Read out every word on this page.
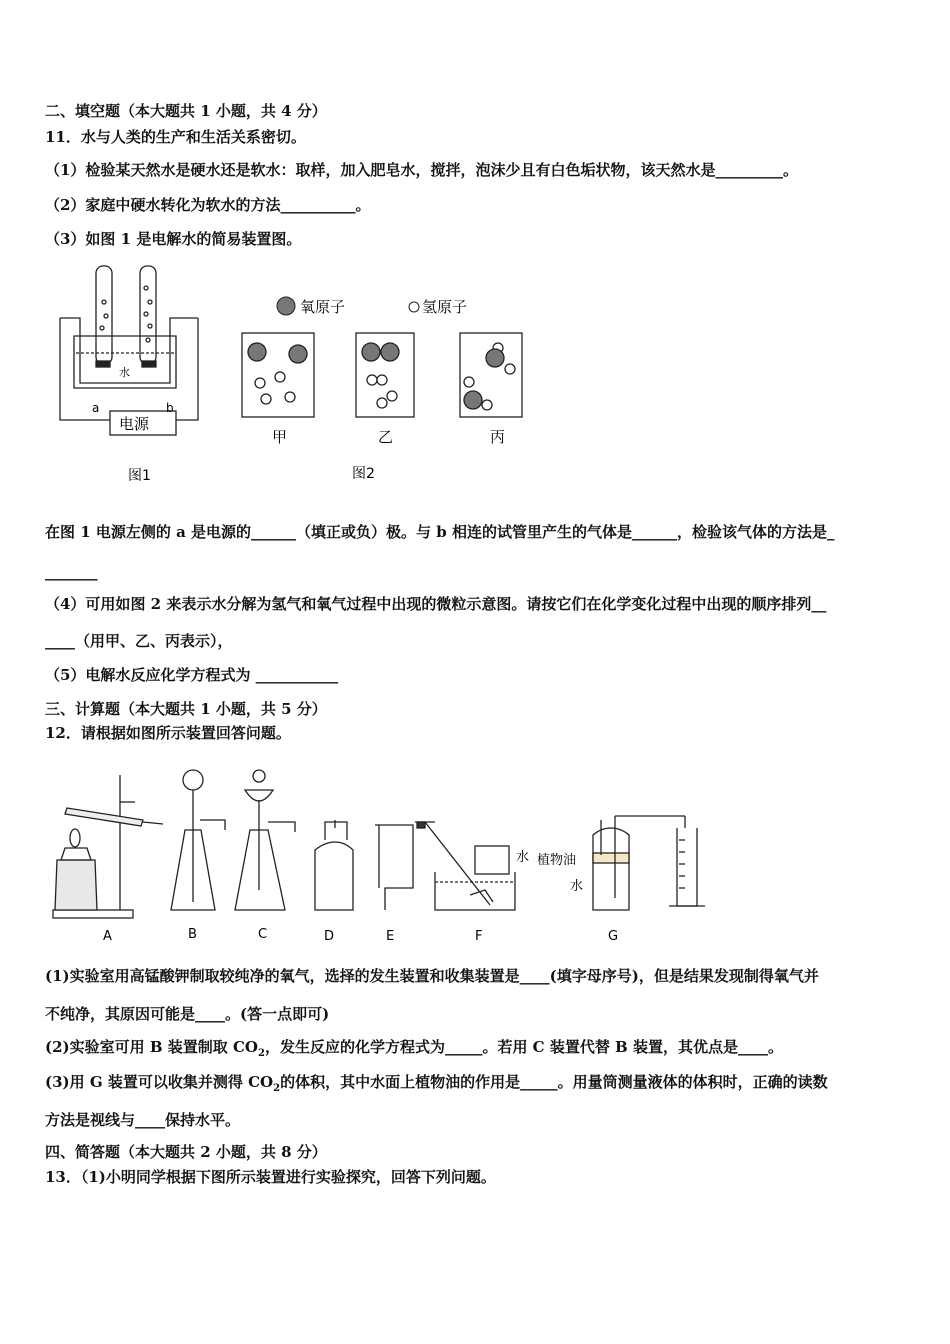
二、填空题（本大题共 1 小题，共 4 分）
11．水与人类的生产和生活关系密切。
（1）检验某天然水是硬水还是软水：取样，加入肥皂水，搅拌，泡沫少且有白色垢状物，该天然水是_________。
（2）家庭中硬水转化为软水的方法__________。
（3）如图 1 是电解水的简易装置图。
a	b
水
电源
图1
氧原子	氢原子
甲	乙	丙
图2
在图 1 电源左侧的 a 是电源的______（填正或负）极。与 b 相连的试管里产生的气体是______，检验该气体的方法是_
_______
（4）可用如图 2 来表示水分解为氢气和氧气过程中出现的微粒示意图。请按它们在化学变化过程中出现的顺序排列__
____（用甲、乙、丙表示），
（5）电解水反应化学方程式为 ___________
三、计算题（本大题共 1 小题，共 5 分）
12．请根据如图所示装置回答问题。
水 植物油
水
A	B	C	D	E	F	G
(1)实验室用高锰酸钾制取较纯净的氧气，选择的发生装置和收集装置是____(填字母序号)，但是结果发现制得氧气并
不纯净，其原因可能是____。(答一点即可)
(2)实验室可用 B 装置制取 $CO_2$，发生反应的化学方程式为_____。若用 C 装置代替 B 装置，其优点是____。
(3)用 G 装置可以收集并测得 $CO_2$的体积，其中水面上植物油的作用是_____。用量筒测量液体的体积时，正确的读数
方法是视线与____保持水平。
四、简答题（本大题共 2 小题，共 8 分）
13．（1)小明同学根据下图所示装置进行实验探究，回答下列问题。
